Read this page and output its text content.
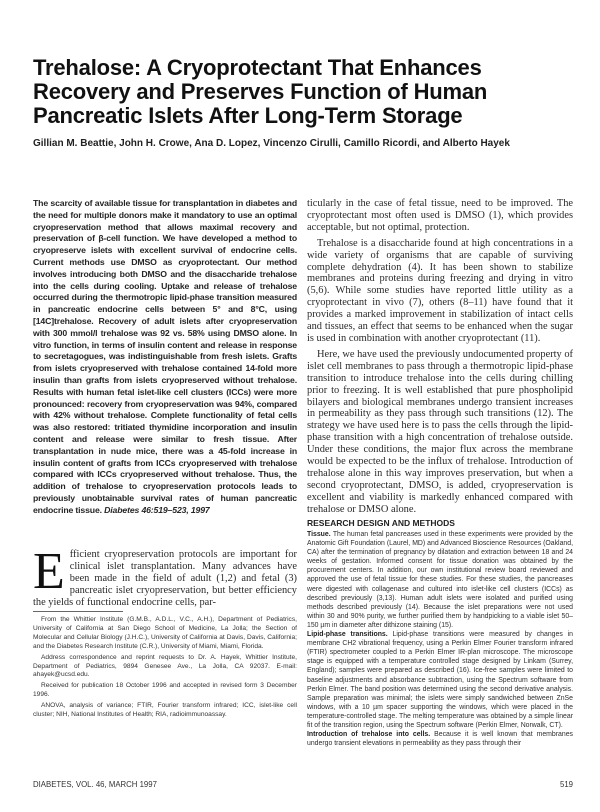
Trehalose: A Cryoprotectant That Enhances Recovery and Preserves Function of Human Pancreatic Islets After Long-Term Storage

Gillian M. Beattie, John H. Crowe, Ana D. Lopez, Vincenzo Cirulli, Camillo Ricordi, and Alberto Hayek

The scarcity of available tissue for transplantation in diabetes and the need for multiple donors make it mandatory to use an optimal cryopreservation method that allows maximal recovery and preservation of β-cell function. We have developed a method to cryopreserve islets with excellent survival of endocrine cells. Current methods use DMSO as cryoprotectant. Our method involves introducing both DMSO and the disaccharide trehalose into the cells during cooling. Uptake and release of trehalose occurred during the thermotropic lipid-phase transition measured in pancreatic endocrine cells between 5° and 8°C, using [14C]trehalose. Recovery of adult islets after cryopreservation with 300 mmol/l trehalose was 92 vs. 58% using DMSO alone. In vitro function, in terms of insulin content and release in response to secretagogues, was indistinguishable from fresh islets. Grafts from islets cryopreserved with trehalose contained 14-fold more insulin than grafts from islets cryopreserved without trehalose. Results with human fetal islet-like cell clusters (ICCs) were more pronounced: recovery from cryopreservation was 94%, compared with 42% without trehalose. Complete functionality of fetal cells was also restored: tritiated thymidine incorporation and insulin content and release were similar to fresh tissue. After transplantation in nude mice, there was a 45-fold increase in insulin content of grafts from ICCs cryopreserved with trehalose compared with ICCs cryopreserved without trehalose. Thus, the addition of trehalose to cryopreservation protocols leads to previously unobtainable survival rates of human pancreatic endocrine tissue. Diabetes 46:519–523, 1997
Efficient cryopreservation protocols are important for clinical islet transplantation. Many advances have been made in the field of adult (1,2) and fetal (3) pancreatic islet cryopreservation, but better efficiency the yields of functional endocrine cells, par-

From the Whittier Institute (G.M.B., A.D.L., V.C., A.H.), Department of Pediatrics, University of California at San Diego School of Medicine, La Jolla; the Section of Molecular and Cellular Biology (J.H.C.), University of California at Davis, Davis, California; and the Diabetes Research Institute (C.R.), University of Miami, Miami, Florida.

Address correspondence and reprint requests to Dr. A. Hayek, Whittier Institute, Department of Pediatrics, 9894 Genesee Ave., La Jolla, CA 92037. E-mail: ahayek@ucsd.edu.

Received for publication 18 October 1996 and accepted in revised form 3 December 1996.

ANOVA, analysis of variance; FTIR, Fourier transform infrared; ICC, islet-like cell cluster; NIH, National Institutes of Health; RIA, radioimmunoassay.

ticularly in the case of fetal tissue, need to be improved. The cryoprotectant most often used is DMSO (1), which provides acceptable, but not optimal, protection.

Trehalose is a disaccharide found at high concentrations in a wide variety of organisms that are capable of surviving complete dehydration (4). It has been shown to stabilize membranes and proteins during freezing and drying in vitro (5,6). While some studies have reported little utility as a cryoprotectant in vivo (7), others (8–11) have found that it provides a marked improvement in stabilization of intact cells and tissues, an effect that seems to be enhanced when the sugar is used in combination with another cryoprotectant (11).

Here, we have used the previously undocumented property of islet cell membranes to pass through a thermotropic lipid-phase transition to introduce trehalose into the cells during chilling prior to freezing. It is well established that pure phospholipid bilayers and biological membranes undergo transient increases in permeability as they pass through such transitions (12). The strategy we have used here is to pass the cells through the lipid-phase transition with a high concentration of trehalose outside. Under these conditions, the major flux across the membrane would be expected to be the influx of trehalose. Introduction of trehalose alone in this way improves preservation, but when a second cryoprotectant, DMSO, is added, cryopreservation is excellent and viability is markedly enhanced compared with trehalose or DMSO alone.

RESEARCH DESIGN AND METHODS

Tissue. The human fetal pancreases used in these experiments were provided by the Anatomic Gift Foundation (Laurel, MD) and Advanced Bioscience Resources (Oakland, CA) after the termination of pregnancy by dilatation and extraction between 18 and 24 weeks of gestation. Informed consent for tissue donation was obtained by the procurement centers. In addition, our own institutional review board reviewed and approved the use of fetal tissue for these studies. For these studies, the pancreases were digested with collagenase and cultured into islet-like cell clusters (ICCs) as described previously (3,13). Human adult islets were isolated and purified using methods described previously (14). Because the islet preparations were not used within 30 and 90% purity, we further purified them by handpicking to a viable islet 50–150 µm in diameter after dithizone staining (15).

Lipid-phase transitions. Lipid-phase transitions were measured by changes in membrane CH2 vibrational frequency, using a Perkin Elmer Fourier transform infrared (FTIR) spectrometer coupled to a Perkin Elmer IR-plan microscope. The microscope stage is equipped with a temperature controlled stage designed by Linkam (Surrey, England); samples were prepared as described (16). Ice-free samples were limited to baseline adjustments and absorbance subtraction, using the Spectrum software from Perkin Elmer. The band position was determined using the second derivative analysis. Sample preparation was minimal; the islets were simply sandwiched between ZnSe windows, with a 10 µm spacer supporting the windows, which were placed in the temperature-controlled stage. The melting temperature was obtained by a simple linear fit of the transition region, using the Spectrum software (Perkin Elmer, Norwalk, CT).

Introduction of trehalose into cells. Because it is well known that membranes undergo transient elevations in permeability as they pass through their

DIABETES, VOL. 46, MARCH 1997	519
